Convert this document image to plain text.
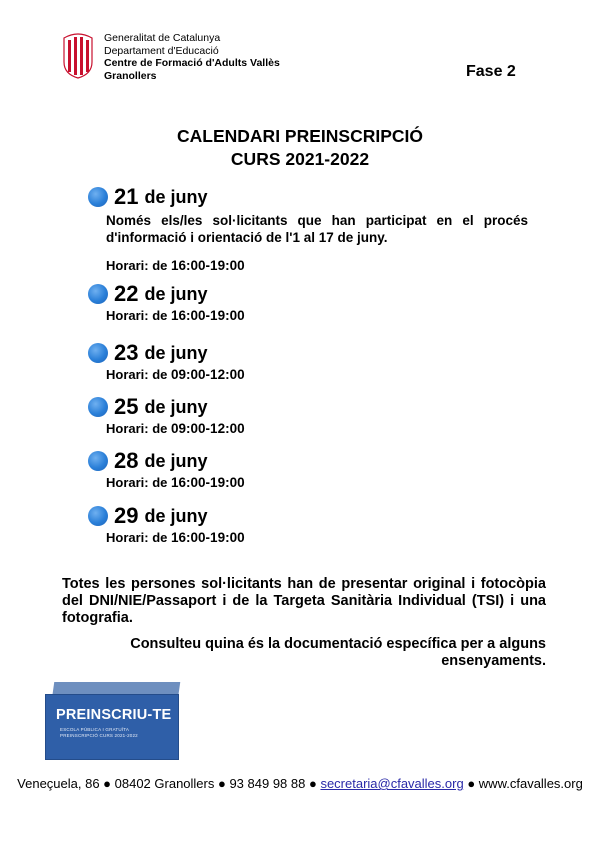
Generalitat de Catalunya
Departament d'Educació
Centre de Formació d'Adults Vallès
Granollers	Fase 2
CALENDARI PREINSCRIPCIÓ
CURS 2021-2022
21 de juny
Només els/les sol·licitants que han participat en el procés d'informació i orientació de l'1 al 17 de juny.
Horari: de 16:00-19:00
22 de juny
Horari: de 16:00-19:00
23 de juny
Horari: de 09:00-12:00
25 de juny
Horari: de 09:00-12:00
28 de juny
Horari: de 16:00-19:00
29 de juny
Horari: de 16:00-19:00
Totes les persones sol·licitants han de presentar original i fotocòpia del DNI/NIE/Passaport i de la Targeta Sanitària Individual (TSI) i una fotografia.
Consulteu quina és la documentació específica per a alguns ensenyaments.
PREINSCRIU-TE
ESCOLA PÚBLICA I GRATUÏTA
PREINSCRIPCIÓ CURS 2021-2022
Veneçuela, 86 ● 08402 Granollers ● 93 849 98 88 ● secretaria@cfavalles.org ● www.cfavalles.org
